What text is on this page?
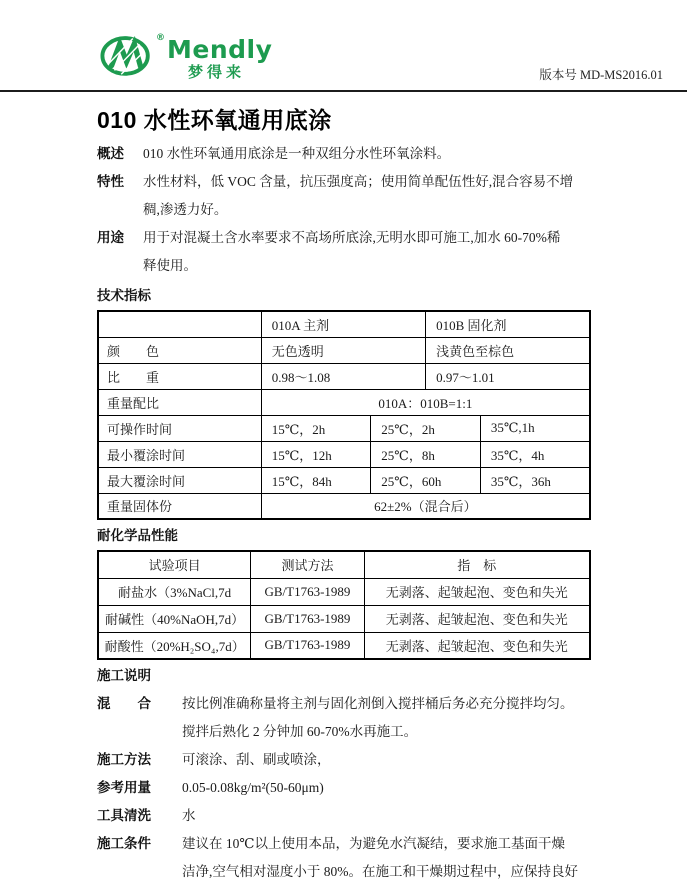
® Mendly
梦得来	版本号 MD-MS2016.01
010 水性环氧通用底涂
概述	010 水性环氧通用底涂是一种双组分水性环氧涂料。
特性	水性材料，低 VOC 含量，抗压强度高；使用简单配伍性好,混合容易不增
稠,渗透力好。
用途	用于对混凝土含水率要求不高场所底涂,无明水即可施工,加水 60-70%稀
释使用。
技术指标
	010A 主剂		010B 固化剂	
颜　　色	无色透明		浅黄色至棕色	
比　　重	0.98～1.08		0.97～1.01	
重量配比	010A：010B=1:1			
可操作时间	15℃，2h	25℃，2h		35℃,1h
最小覆涂时间	15℃，12h	25℃，8h		35℃，4h
最大覆涂时间	15℃，84h	25℃，60h		35℃，36h
重量固体份	62±2%（混合后）			
耐化学品性能
试验项目	测试方法	指　标
耐盐水（3%NaCl,7d	GB/T1763-1989	无剥落、起皱起泡、变色和失光
耐碱性（40%NaOH,7d）	GB/T1763-1989	无剥落、起皱起泡、变色和失光
耐酸性（20%H₂SO₄,7d）	GB/T1763-1989	无剥落、起皱起泡、变色和失光
施工说明
混　　合	按比例准确称量将主剂与固化剂倒入搅拌桶后务必充分搅拌均匀。
搅拌后熟化 2 分钟加 60-70%水再施工。
施工方法	可滚涂、刮、刷或喷涂，
参考用量	0.05-0.08kg/m²(50-60μm)
工具清洗	水
施工条件	建议在 10℃以上使用本品，为避免水汽凝结，要求施工基面干燥
洁净,空气相对湿度小于 80%。在施工和干燥期过程中，应保持良好
